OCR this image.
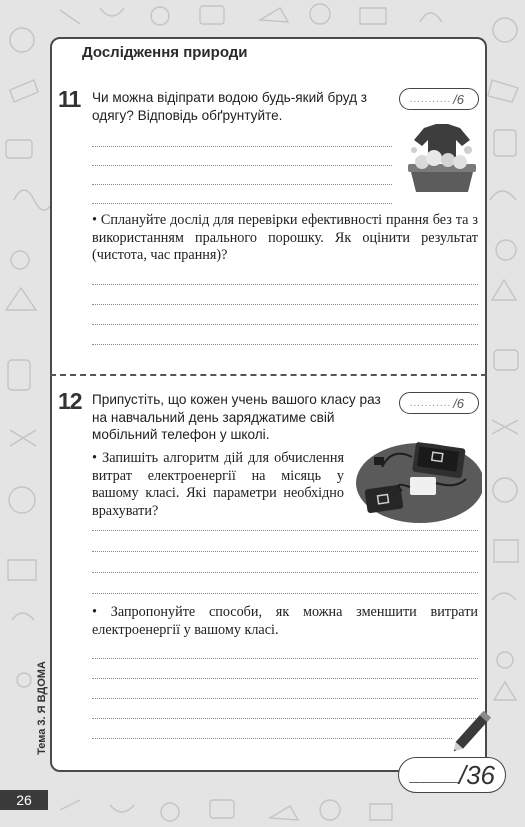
Дослідження природи
11 Чи можна відіпрати водою будь-який бруд з одягу? Відповідь обґрунтуйте.
........... /6
• Сплануйте дослід для перевірки ефективності прання без та з використанням прального порошку. Як оцінити результат (чистота, час прання)?
12 Припустіть, що кожен учень вашого класу раз на навчальний день заряджатиме свій мобільний телефон у школі.
........... /6
• Запишіть алгоритм дій для обчислення витрат електроенергії на місяць у вашому класі. Які параметри необхідно врахувати?
• Запропонуйте способи, як можна зменшити витрати електроенергії у вашому класі.
_______ /36
Тема 3. Я ВДОМА
26
